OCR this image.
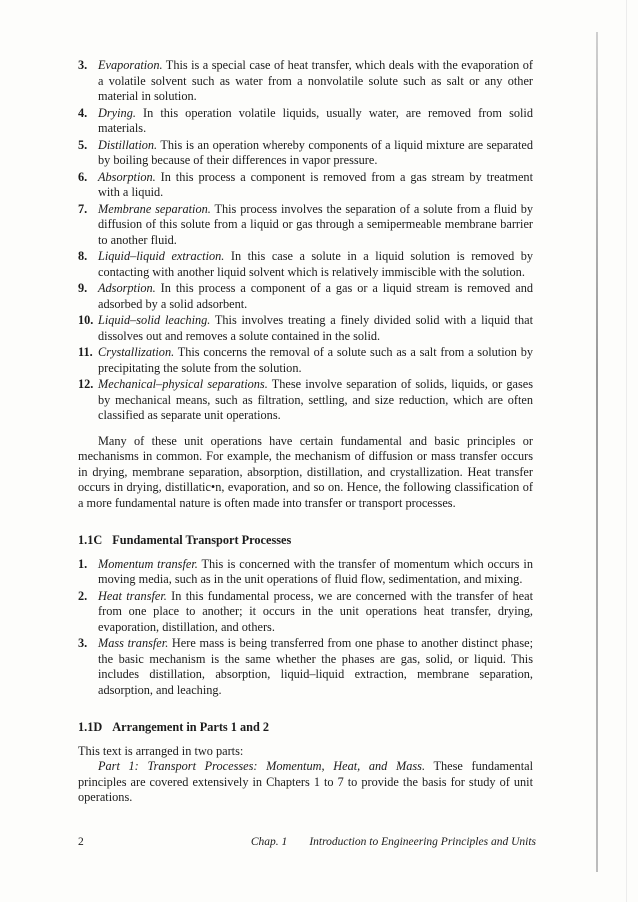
3. Evaporation. This is a special case of heat transfer, which deals with the evaporation of a volatile solvent such as water from a nonvolatile solute such as salt or any other material in solution.
4. Drying. In this operation volatile liquids, usually water, are removed from solid materials.
5. Distillation. This is an operation whereby components of a liquid mixture are separated by boiling because of their differences in vapor pressure.
6. Absorption. In this process a component is removed from a gas stream by treatment with a liquid.
7. Membrane separation. This process involves the separation of a solute from a fluid by diffusion of this solute from a liquid or gas through a semipermeable membrane barrier to another fluid.
8. Liquid–liquid extraction. In this case a solute in a liquid solution is removed by contacting with another liquid solvent which is relatively immiscible with the solution.
9. Adsorption. In this process a component of a gas or a liquid stream is removed and adsorbed by a solid adsorbent.
10. Liquid–solid leaching. This involves treating a finely divided solid with a liquid that dissolves out and removes a solute contained in the solid.
11. Crystallization. This concerns the removal of a solute such as a salt from a solution by precipitating the solute from the solution.
12. Mechanical–physical separations. These involve separation of solids, liquids, or gases by mechanical means, such as filtration, settling, and size reduction, which are often classified as separate unit operations.

Many of these unit operations have certain fundamental and basic principles or mechanisms in common. For example, the mechanism of diffusion or mass transfer occurs in drying, membrane separation, absorption, distillation, and crystallization. Heat transfer occurs in drying, distillatic•n, evaporation, and so on. Hence, the following classification of a more fundamental nature is often made into transfer or transport processes.

1.1C Fundamental Transport Processes
1. Momentum transfer. This is concerned with the transfer of momentum which occurs in moving media, such as in the unit operations of fluid flow, sedimentation, and mixing.
2. Heat transfer. In this fundamental process, we are concerned with the transfer of heat from one place to another; it occurs in the unit operations heat transfer, drying, evaporation, distillation, and others.
3. Mass transfer. Here mass is being transferred from one phase to another distinct phase; the basic mechanism is the same whether the phases are gas, solid, or liquid. This includes distillation, absorption, liquid–liquid extraction, membrane separation, adsorption, and leaching.
1.1D Arrangement in Parts 1 and 2

This text is arranged in two parts:

Part 1: Transport Processes: Momentum, Heat, and Mass. These fundamental principles are covered extensively in Chapters 1 to 7 to provide the basis for study of unit operations.

2	Chap. 1 Introduction to Engineering Principles and Units
